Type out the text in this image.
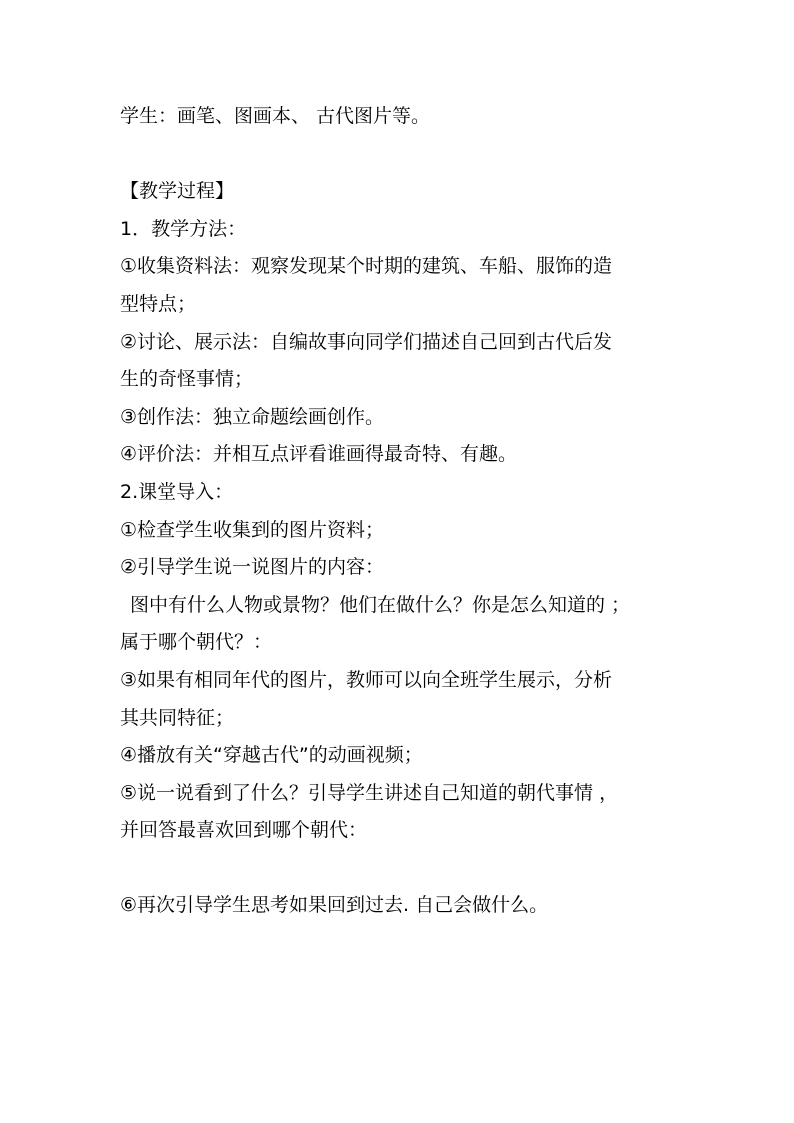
学生：画笔、图画本、 古代图片等。

【教学过程】

1．教学方法：

①收集资料法：观察发现某个时期的建筑、车船、服饰的造

型特点；

②讨论、展示法：自编故事向同学们描述自己回到古代后发

生的奇怪事情；

③创作法：独立命题绘画创作。

④评价法：并相互点评看谁画得最奇特、有趣。

2.课堂导入：

①检查学生收集到的图片资料；

②引导学生说一说图片的内容：

图中有什么人物或景物？他们在做什么？你是怎么知道的 ；

属于哪个朝代？：

③如果有相同年代的图片，教师可以向全班学生展示，分析

其共同特征；

④播放有关“穿越古代”的动画视频；

⑤说一说看到了什么？引导学生讲述自己知道的朝代事情 ，

并回答最喜欢回到哪个朝代：

⑥再次引导学生思考如果回到过去. 自己会做什么。
